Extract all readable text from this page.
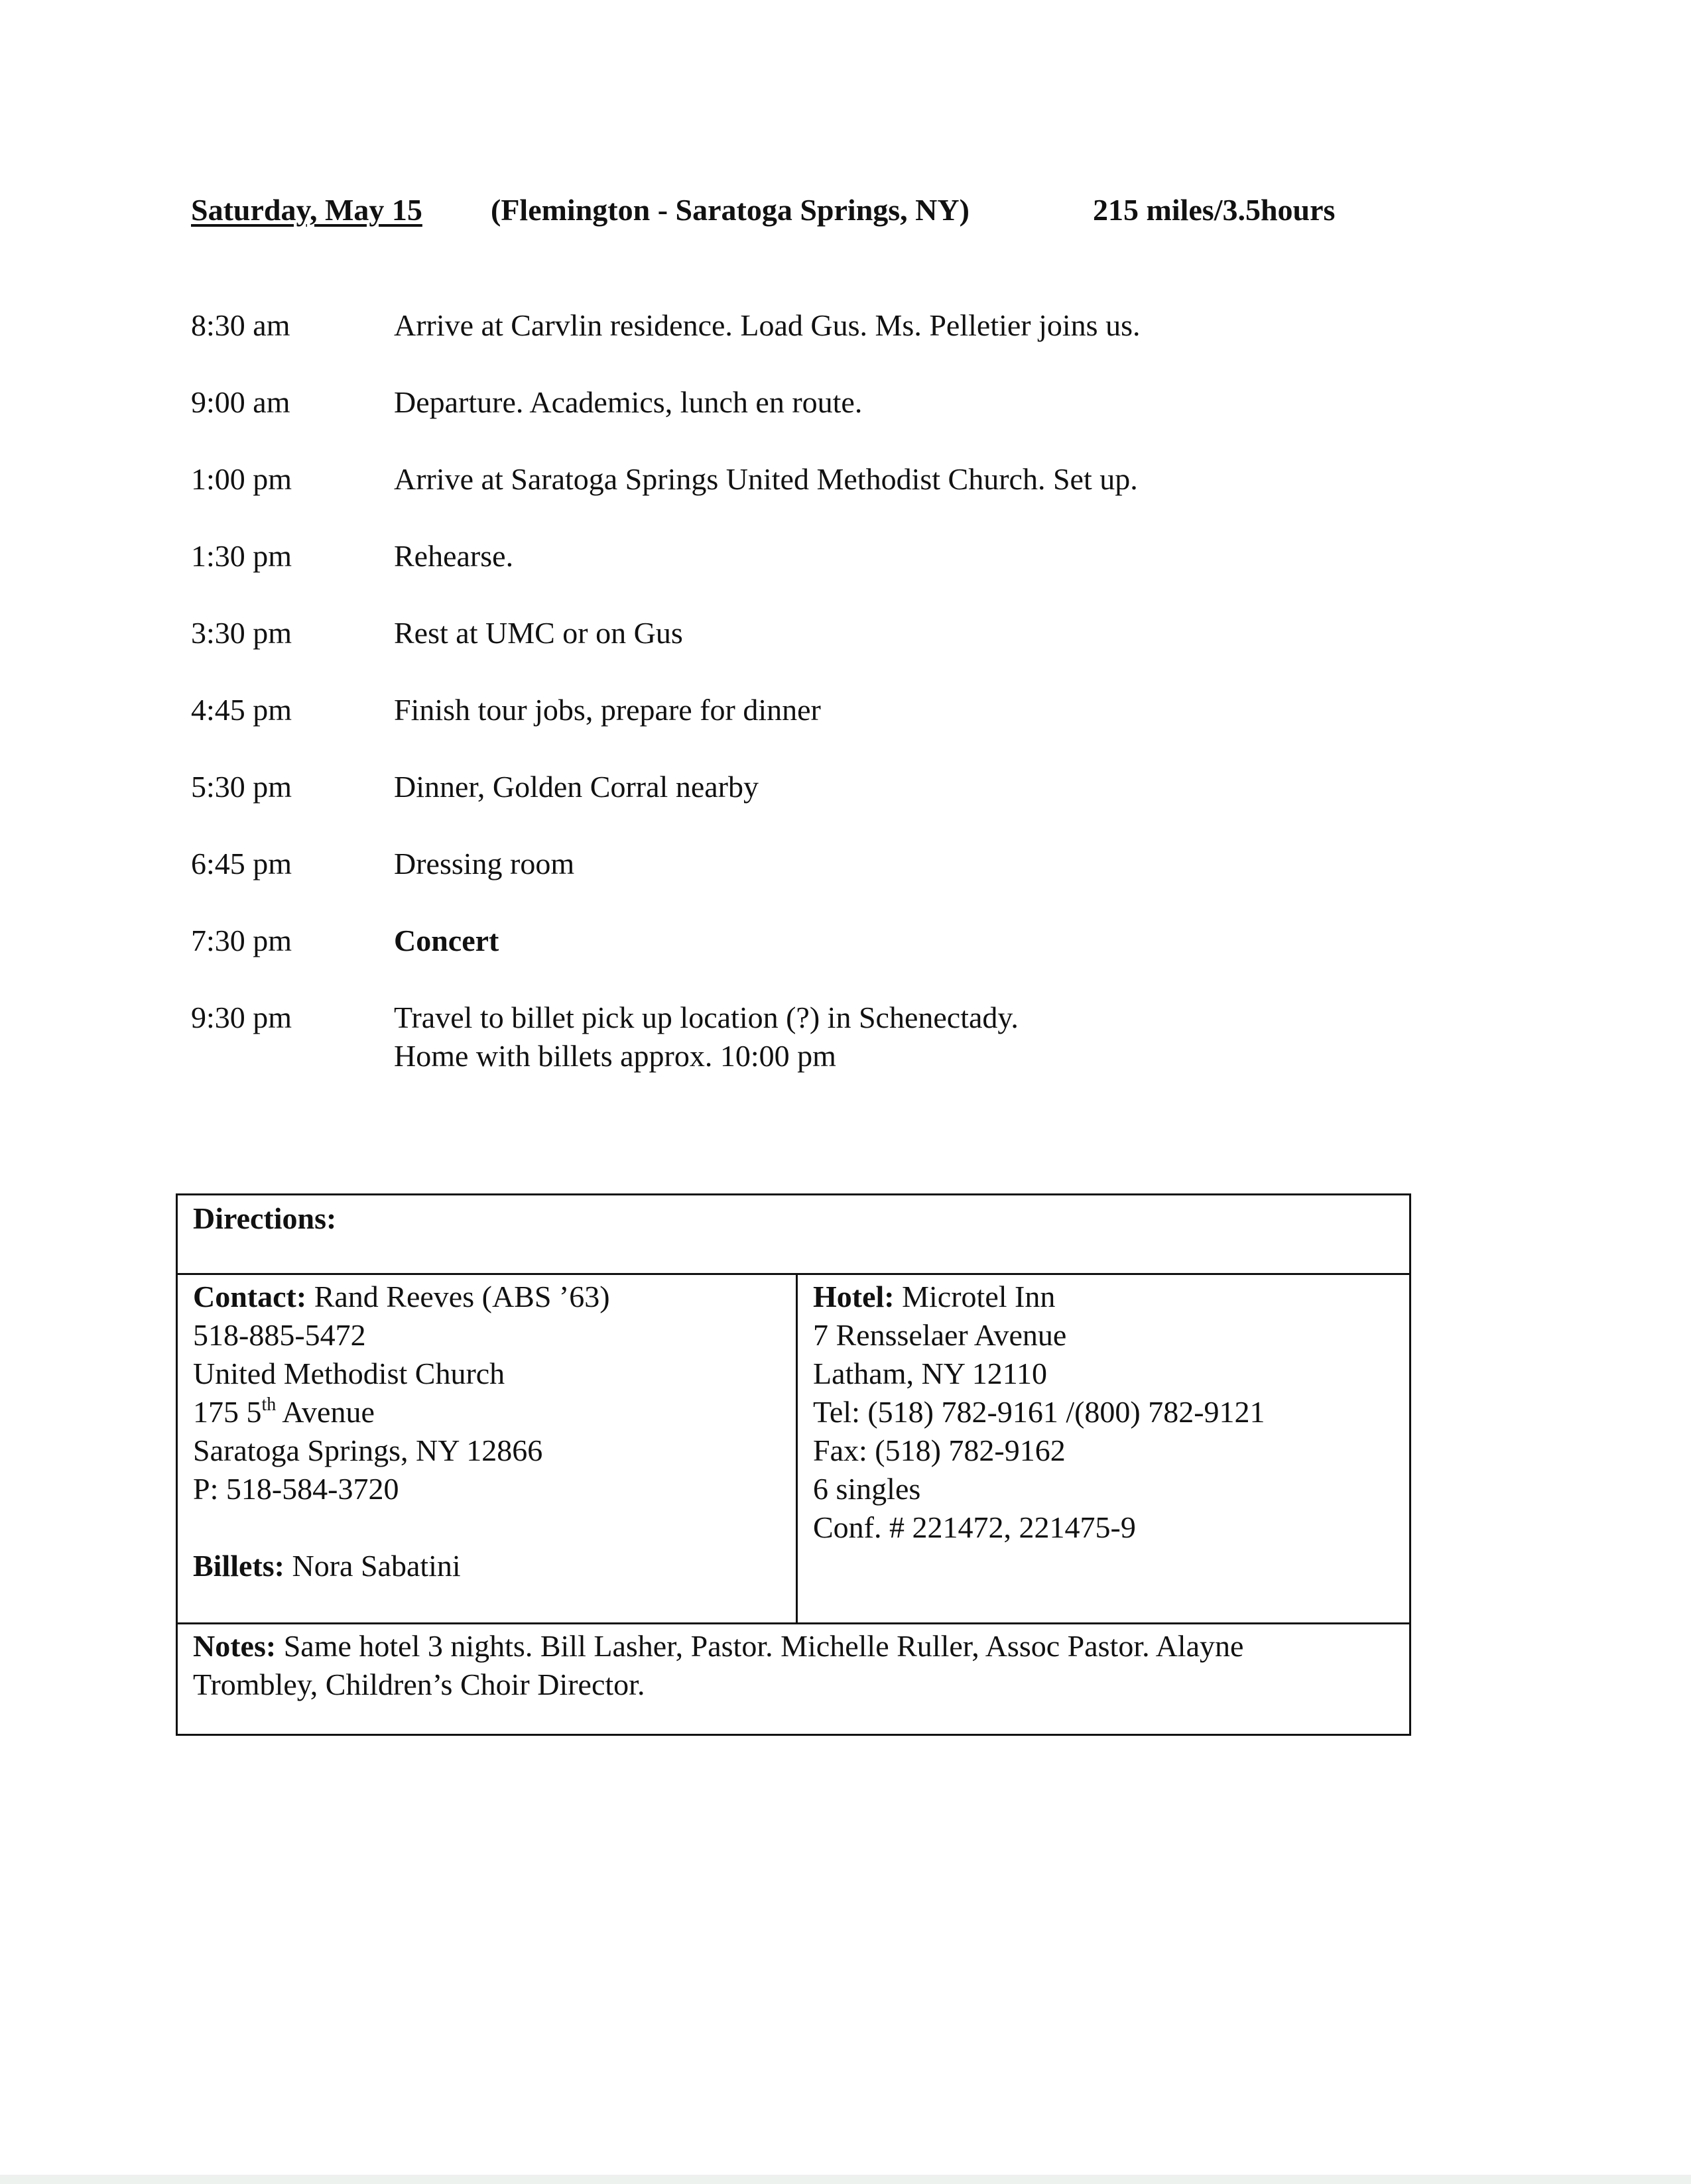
Saturday, May 15 (Flemington - Saratoga Springs, NY)	215 miles/3.5hours
8:30 am	Arrive at Carvlin residence. Load Gus. Ms. Pelletier joins us.
9:00 am	Departure. Academics, lunch en route.
1:00 pm	Arrive at Saratoga Springs United Methodist Church. Set up.
1:30 pm	Rehearse.
3:30 pm	Rest at UMC or on Gus
4:45 pm	Finish tour jobs, prepare for dinner
5:30 pm	Dinner, Golden Corral nearby
6:45 pm	Dressing room
7:30 pm	Concert
9:30 pm	Travel to billet pick up location (?) in Schenectady.
Home with billets approx. 10:00 pm
Directions:
Contact: Rand Reeves (ABS ’63)
518-885-5472
United Methodist Church
175 5th Avenue
Saratoga Springs, NY 12866
P: 518-584-3720
Billets: Nora Sabatini
Hotel: Microtel Inn
7 Rensselaer Avenue
Latham, NY 12110
Tel: (518) 782-9161 /(800) 782-9121
Fax: (518) 782-9162
6 singles
Conf. # 221472, 221475-9
Notes: Same hotel 3 nights. Bill Lasher, Pastor. Michelle Ruller, Assoc Pastor. Alayne
Trombley, Children’s Choir Director.
